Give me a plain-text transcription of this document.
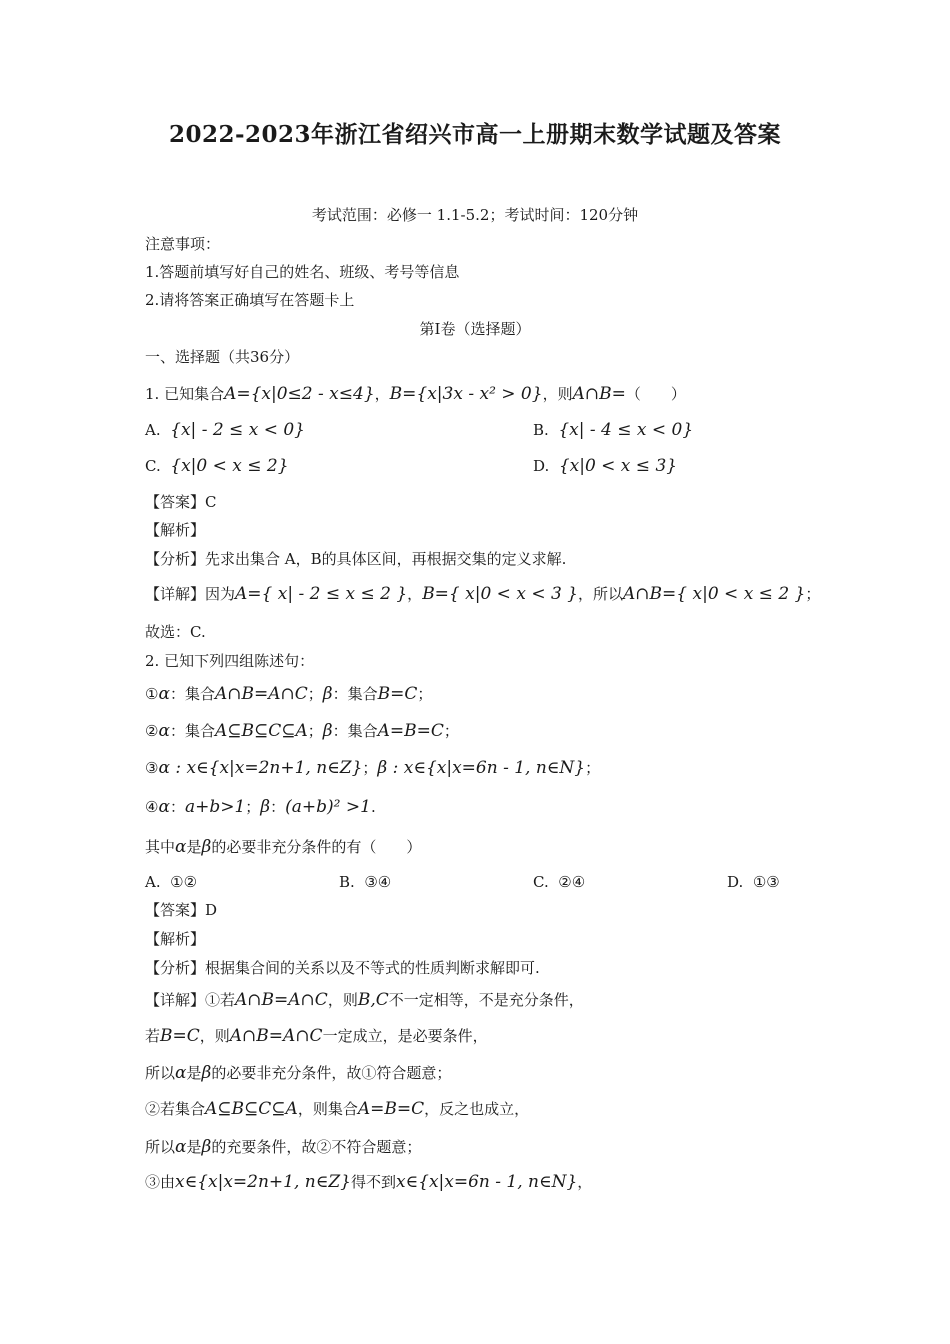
2022-2023年浙江省绍兴市高一上册期末数学试题及答案
考试范围：必修一 1.1-5.2；考试时间：120分钟
注意事项：
1.答题前填写好自己的姓名、班级、考号等信息
2.请将答案正确填写在答题卡上
第I卷（选择题）
一、选择题（共36分）
1. 已知集合A={x|0≤2 - x≤4}，B={x|3x - x² > 0}，则A∩B=（　　）
A. {x| - 2 ≤ x < 0}	B. {x| - 4 ≤ x < 0}
C. {x|0 < x ≤ 2}	D. {x|0 < x ≤ 3}
【答案】C
【解析】
【分析】先求出集合 A，B的具体区间，再根据交集的定义求解.
【详解】因为A={ x| - 2 ≤ x ≤ 2 }，B={ x|0 < x < 3 }，所以A∩B={ x|0 < x ≤ 2 }；
故选：C.
2. 已知下列四组陈述句：
①α：集合A∩B=A∩C；β：集合B=C；
②α：集合A⊆B⊆C⊆A；β：集合A=B=C；
③α : x∈{x|x=2n+1, n∈Z}；β : x∈{x|x=6n - 1, n∈N}；
④α：a+b>1；β：(a+b)² >1.
其中α是β的必要非充分条件的有（　　）
A. ①②	B. ③④	C. ②④	D. ①③
【答案】D
【解析】
【分析】根据集合间的关系以及不等式的性质判断求解即可.
【详解】①若A∩B=A∩C，则B,C不一定相等，不是充分条件，
若B=C，则A∩B=A∩C一定成立，是必要条件，
所以α是β的必要非充分条件，故①符合题意；
②若集合A⊆B⊆C⊆A，则集合A=B=C，反之也成立，
所以α是β的充要条件，故②不符合题意；
③由x∈{x|x=2n+1, n∈Z}得不到x∈{x|x=6n - 1, n∈N}，
